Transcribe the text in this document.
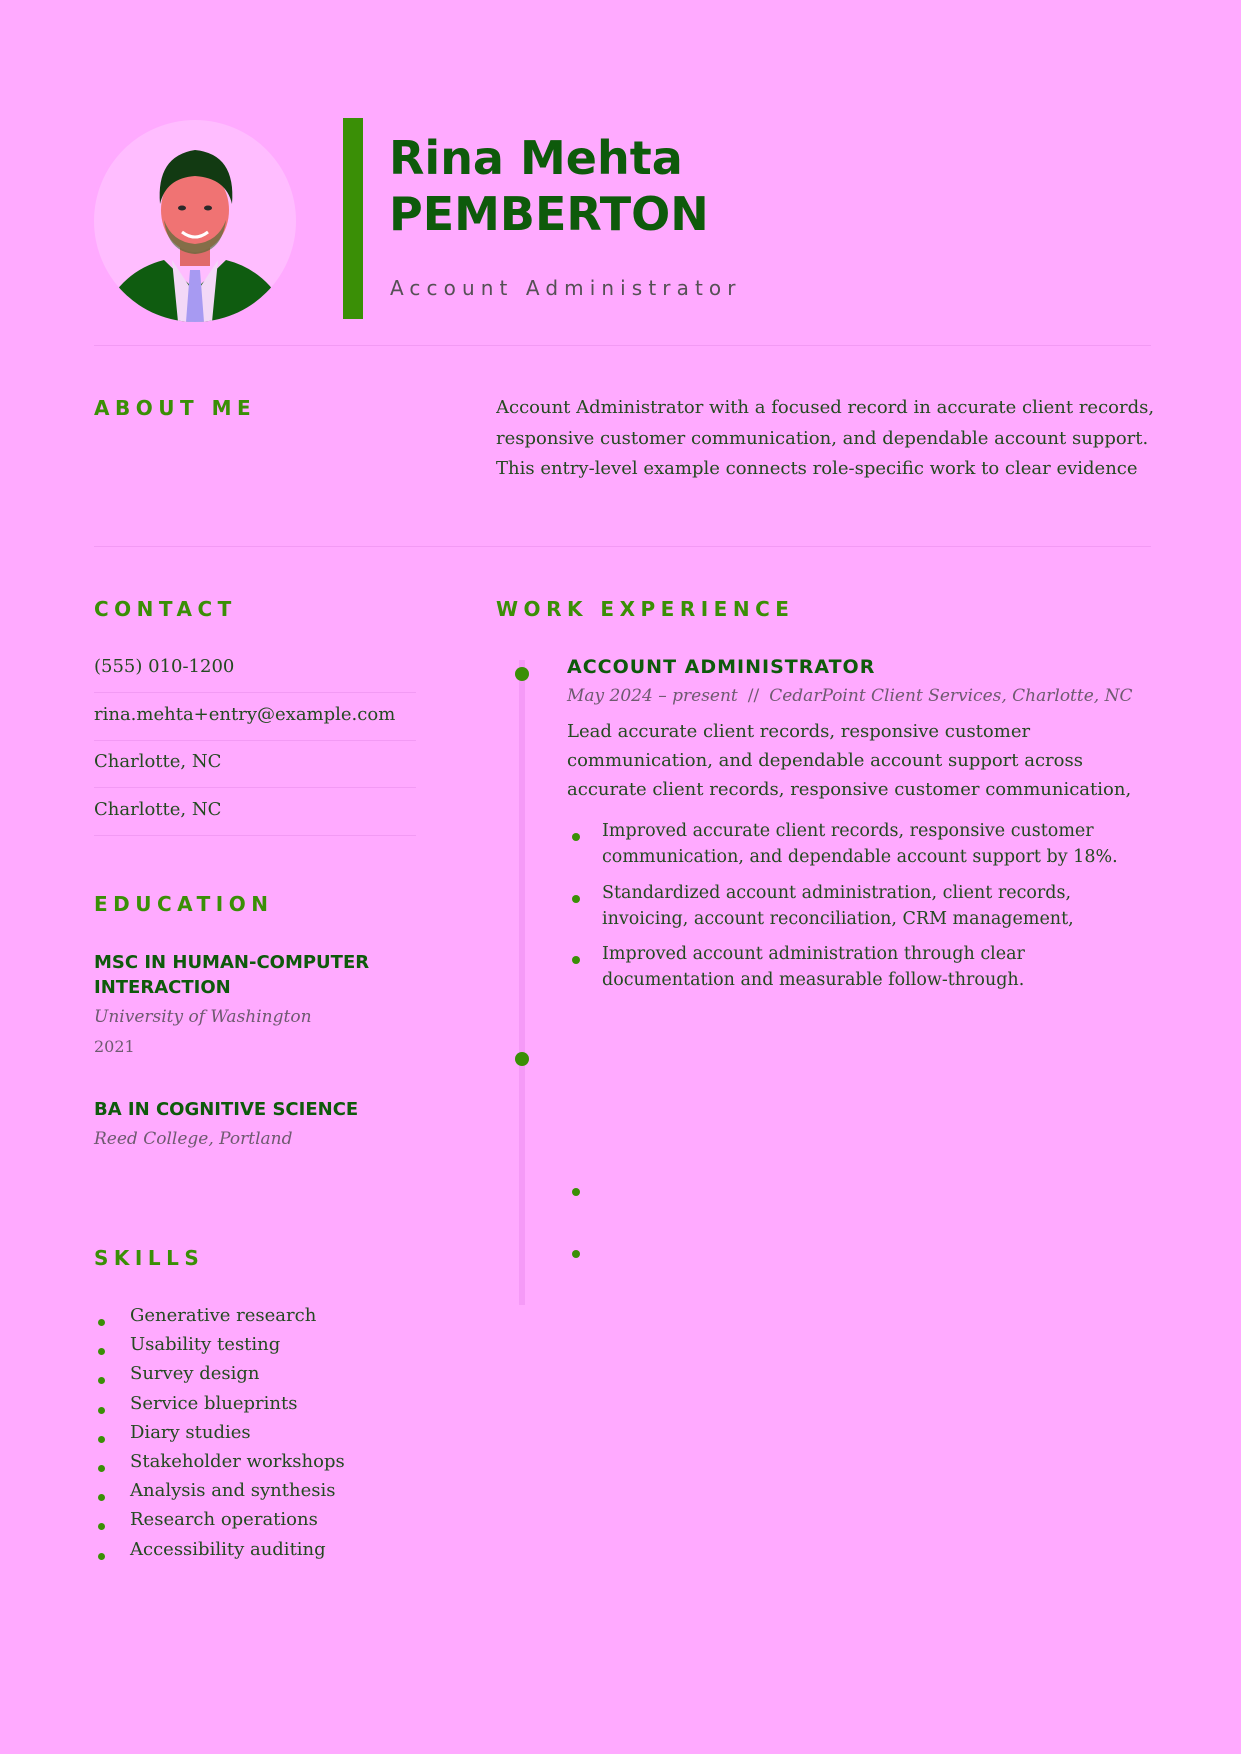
Rina Mehta
PEMBERTON
Account Administrator
ABOUT ME	Account Administrator with a focused record in accurate client records, responsive customer communication, and dependable account support. This entry-level example connects role-specific work to clear evidence

CONTACT
(555) 010-1200
rina.mehta+entry@example.com
Charlotte, NC
Charlotte, NC
EDUCATION

MSC IN HUMAN-COMPUTER INTERACTION

University of Washington

2021

BA IN COGNITIVE SCIENCE

Reed College, Portland

SKILLS
Generative research
Usability testing
Survey design
Service blueprints
Diary studies
Stakeholder workshops
Analysis and synthesis
Research operations
Accessibility auditing
WORK EXPERIENCE
ACCOUNT ADMINISTRATOR
May 2024 – present // CedarPoint Client Services, Charlotte, NC

Lead accurate client records, responsive customer communication, and dependable account support across accurate client records, responsive customer communication,

Improved accurate client records, responsive customer communication, and dependable account support by 18%.

Standardized account administration, client records, invoicing, account reconciliation, CRM management,

Improved account administration through clear documentation and measurable follow-through.
